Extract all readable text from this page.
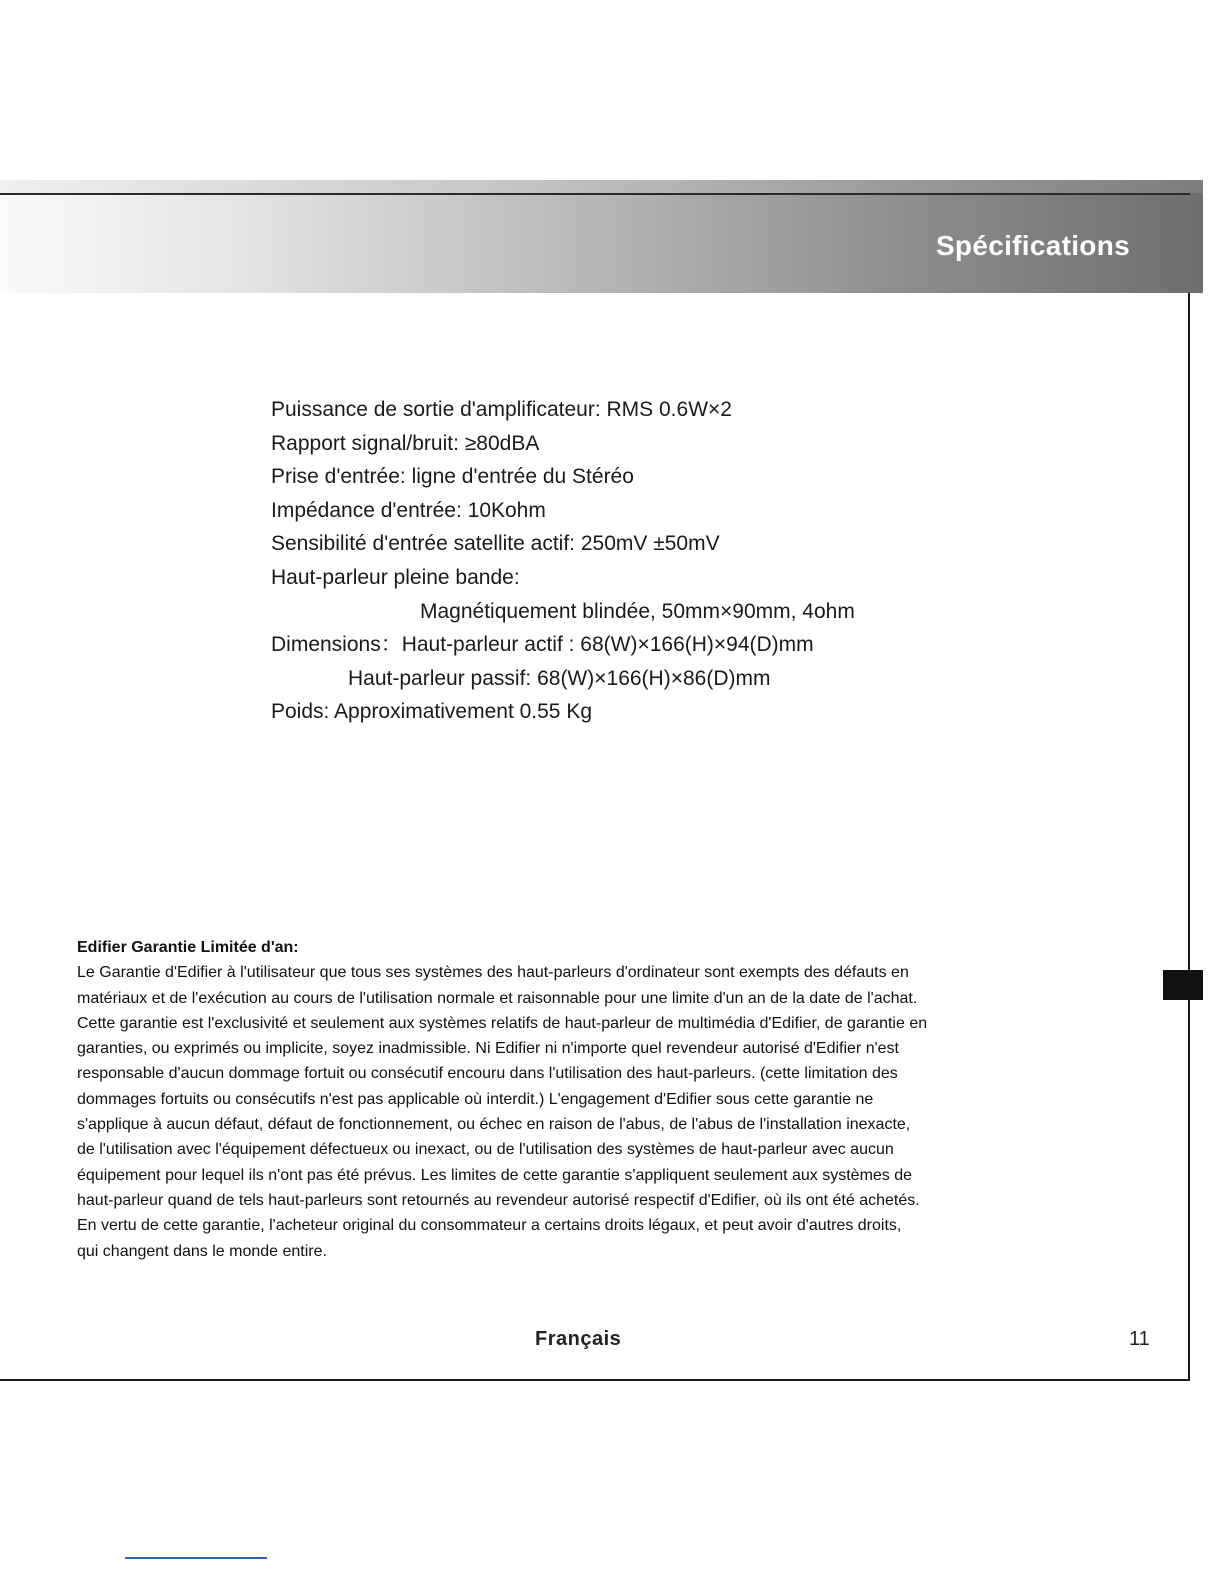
Spécifications
Puissance de sortie d'amplificateur: RMS 0.6W×2
Rapport signal/bruit: ≥80dBA
Prise d'entrée: ligne d'entrée du Stéréo
Impédance d'entrée: 10Kohm
Sensibilité d'entrée satellite actif: 250mV ±50mV
Haut-parleur pleine bande:
Magnétiquement blindée, 50mm×90mm, 4ohm
Dimensions：Haut-parleur actif : 68(W)×166(H)×94(D)mm
Haut-parleur passif: 68(W)×166(H)×86(D)mm
Poids: Approximativement 0.55 Kg
Edifier Garantie Limitée d'an:
Le Garantie d'Edifier à l'utilisateur que tous ses systèmes des haut-parleurs d'ordinateur sont exempts des défauts en
matériaux et de l'exécution au cours de l'utilisation normale et raisonnable pour une limite d'un an de la date de l'achat.
Cette garantie est l'exclusivité et seulement aux systèmes relatifs de haut-parleur de multimédia d'Edifier, de garantie en
garanties, ou exprimés ou implicite, soyez inadmissible. Ni Edifier ni n'importe quel revendeur autorisé d'Edifier n'est
responsable d'aucun dommage fortuit ou consécutif encouru dans l'utilisation des haut-parleurs. (cette limitation des
dommages fortuits ou consécutifs n'est pas applicable où interdit.) L'engagement d'Edifier sous cette garantie ne
s'applique à aucun défaut, défaut de fonctionnement, ou échec en raison de l'abus, de l'abus de l'installation inexacte,
de l'utilisation avec l'équipement défectueux ou inexact, ou de l'utilisation des systèmes de haut-parleur avec aucun
équipement pour lequel ils n'ont pas été prévus. Les limites de cette garantie s'appliquent seulement aux systèmes de
haut-parleur quand de tels haut-parleurs sont retournés au revendeur autorisé respectif d'Edifier, où ils ont été achetés.
En vertu de cette garantie, l'acheteur original du consommateur a certains droits légaux, et peut avoir d'autres droits,
qui changent dans le monde entire.
Français	11
